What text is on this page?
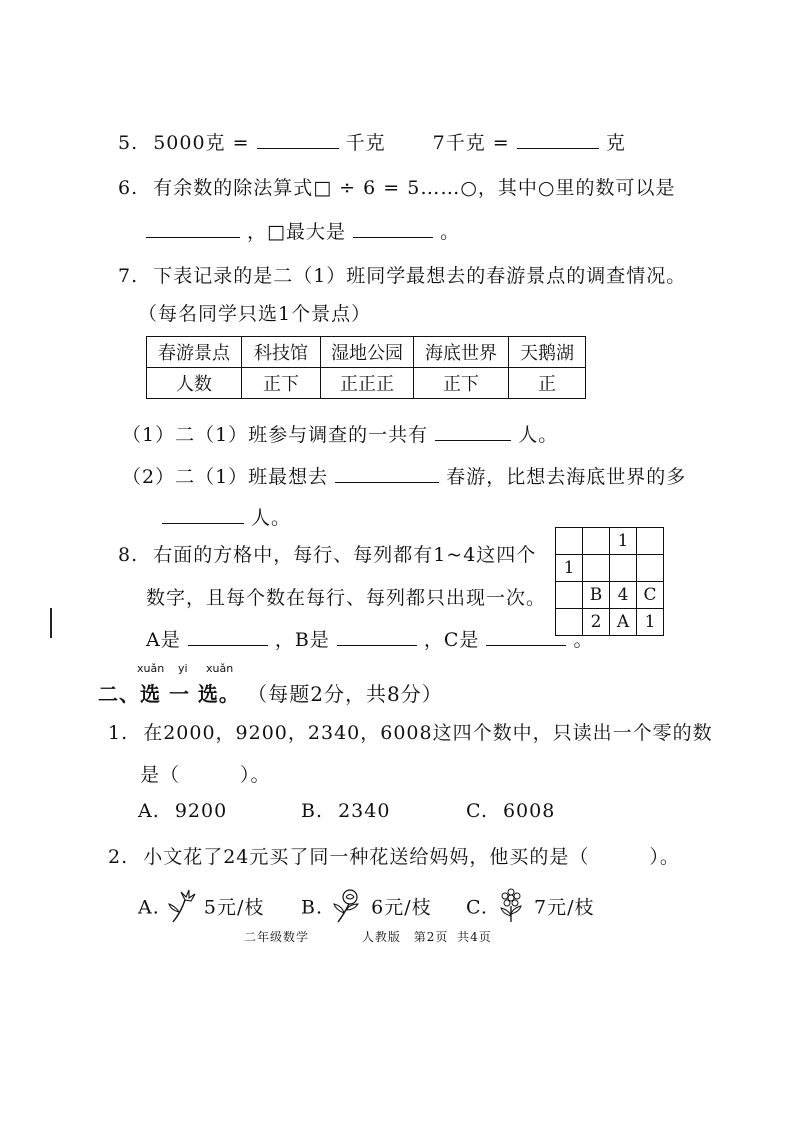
5. 5000克 =	千克 7千克 =	克
6. 有余数的除法算式□ ÷ 6 = 5……○，其中○里的数可以是
，□最大是	。
7. 下表记录的是二（1）班同学最想去的春游景点的调查情况。
（每名同学只选1个景点）
春游景点	科技馆	湿地公园	海底世界	天鹅湖
人数	正下	正正正	正下	正
（1）二（1）班参与调查的一共有	人。
（2）二（1）班最想去	春游，比想去海底世界的多
人。
8. 右面的方格中，每行、每列都有1~4这四个
数字，且每个数在每行、每列都只出现一次。
A是	，B是	，C是	。
		1	
1			
	B	4	C
	2	A	1
xuǎn yi xuǎn
二、选 一 选。 （每题2分，共8分）
1. 在2000，9200，2340，6008这四个数中，只读出一个零的数
是（　　　）。
A. 9200	B. 2340	C. 6008
2. 小文花了24元买了同一种花送给妈妈，他买的是（　　　）。
A. 5元/枝 B.	6元/枝 C. 7元/枝
二年级数学	人教版 第2页 共4页
